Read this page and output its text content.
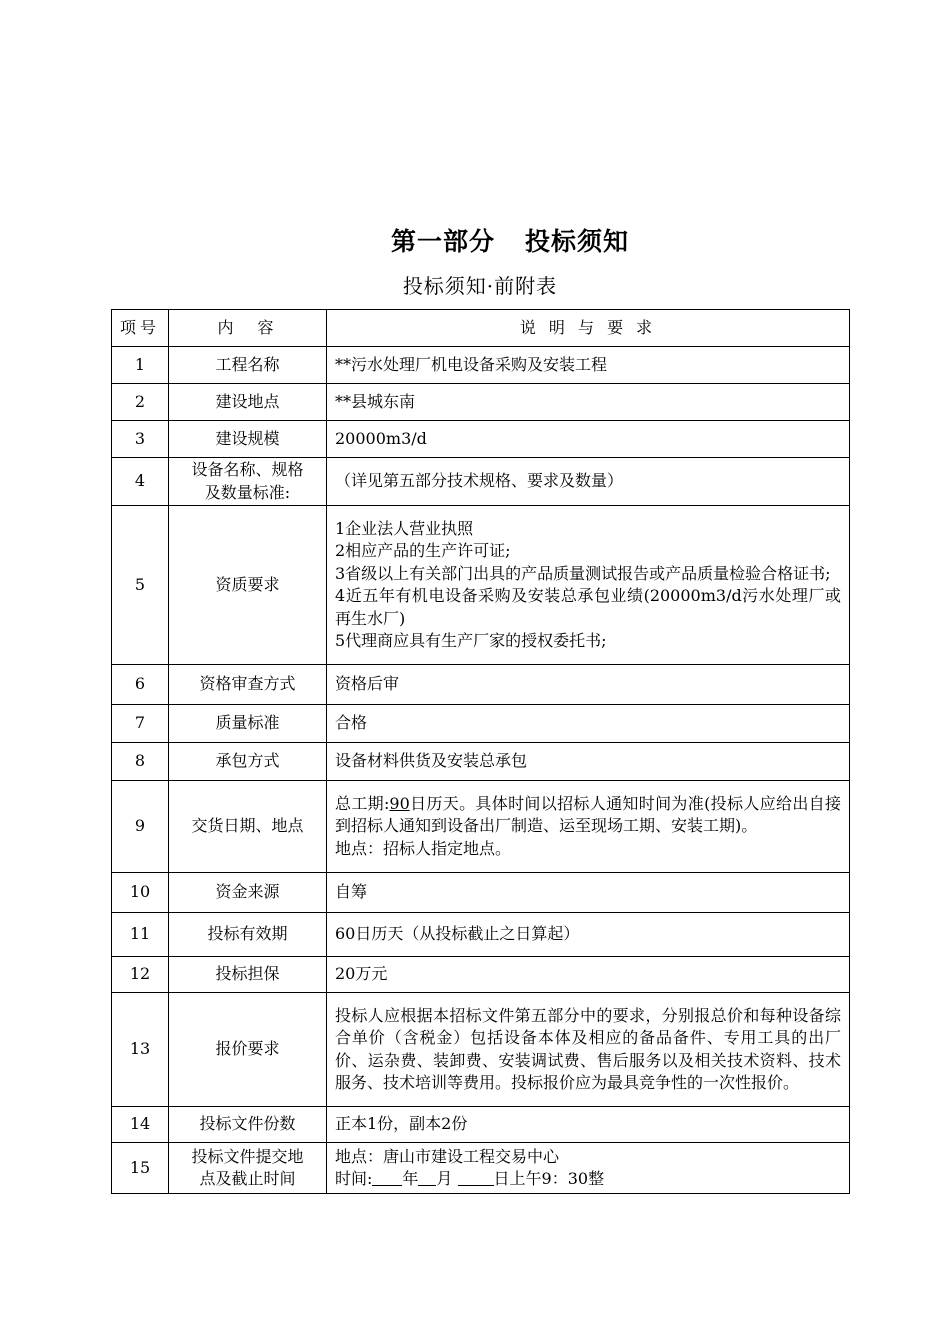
第一部分 投标须知
投标须知·前附表
项号	内　容	说 明 与 要 求
1	工程名称	**污水处理厂机电设备采购及安装工程
2	建设地点	**县城东南
3	建设规模	20000m3/d
4	设备名称、规格
及数量标准:	（详见第五部分技术规格、要求及数量）
5	资质要求	1企业法人营业执照
2相应产品的生产许可证;
3省级以上有关部门出具的产品质量测试报告或产品质量检验合格证书;
4近五年有机电设备采购及安装总承包业绩(20000m3/d污水处理厂或再生水厂)
5代理商应具有生产厂家的授权委托书;

6	资格审查方式	资格后审
7	质量标准	合格
8	承包方式	设备材料供货及安装总承包
9	交货日期、地点	总工期:90日历天。具体时间以招标人通知时间为准(投标人应给出自接到招标人通知到设备出厂制造、运至现场工期、安装工期)。
地点：招标人指定地点。

10	资金来源	自筹
11	投标有效期	60日历天（从投标截止之日算起）
12	投标担保	20万元
13	报价要求	投标人应根据本招标文件第五部分中的要求，分别报总价和每种设备综合单价（含税金）包括设备本体及相应的备品备件、专用工具的出厂价、运杂费、装卸费、安装调试费、售后服务以及相关技术资料、技术服务、技术培训等费用。投标报价应为最具竞争性的一次性报价。
14	投标文件份数	正本1份，副本2份
15	投标文件提交地
点及截止时间	地点：唐山市建设工程交易中心
时间: 年 月 日上午9：30整
